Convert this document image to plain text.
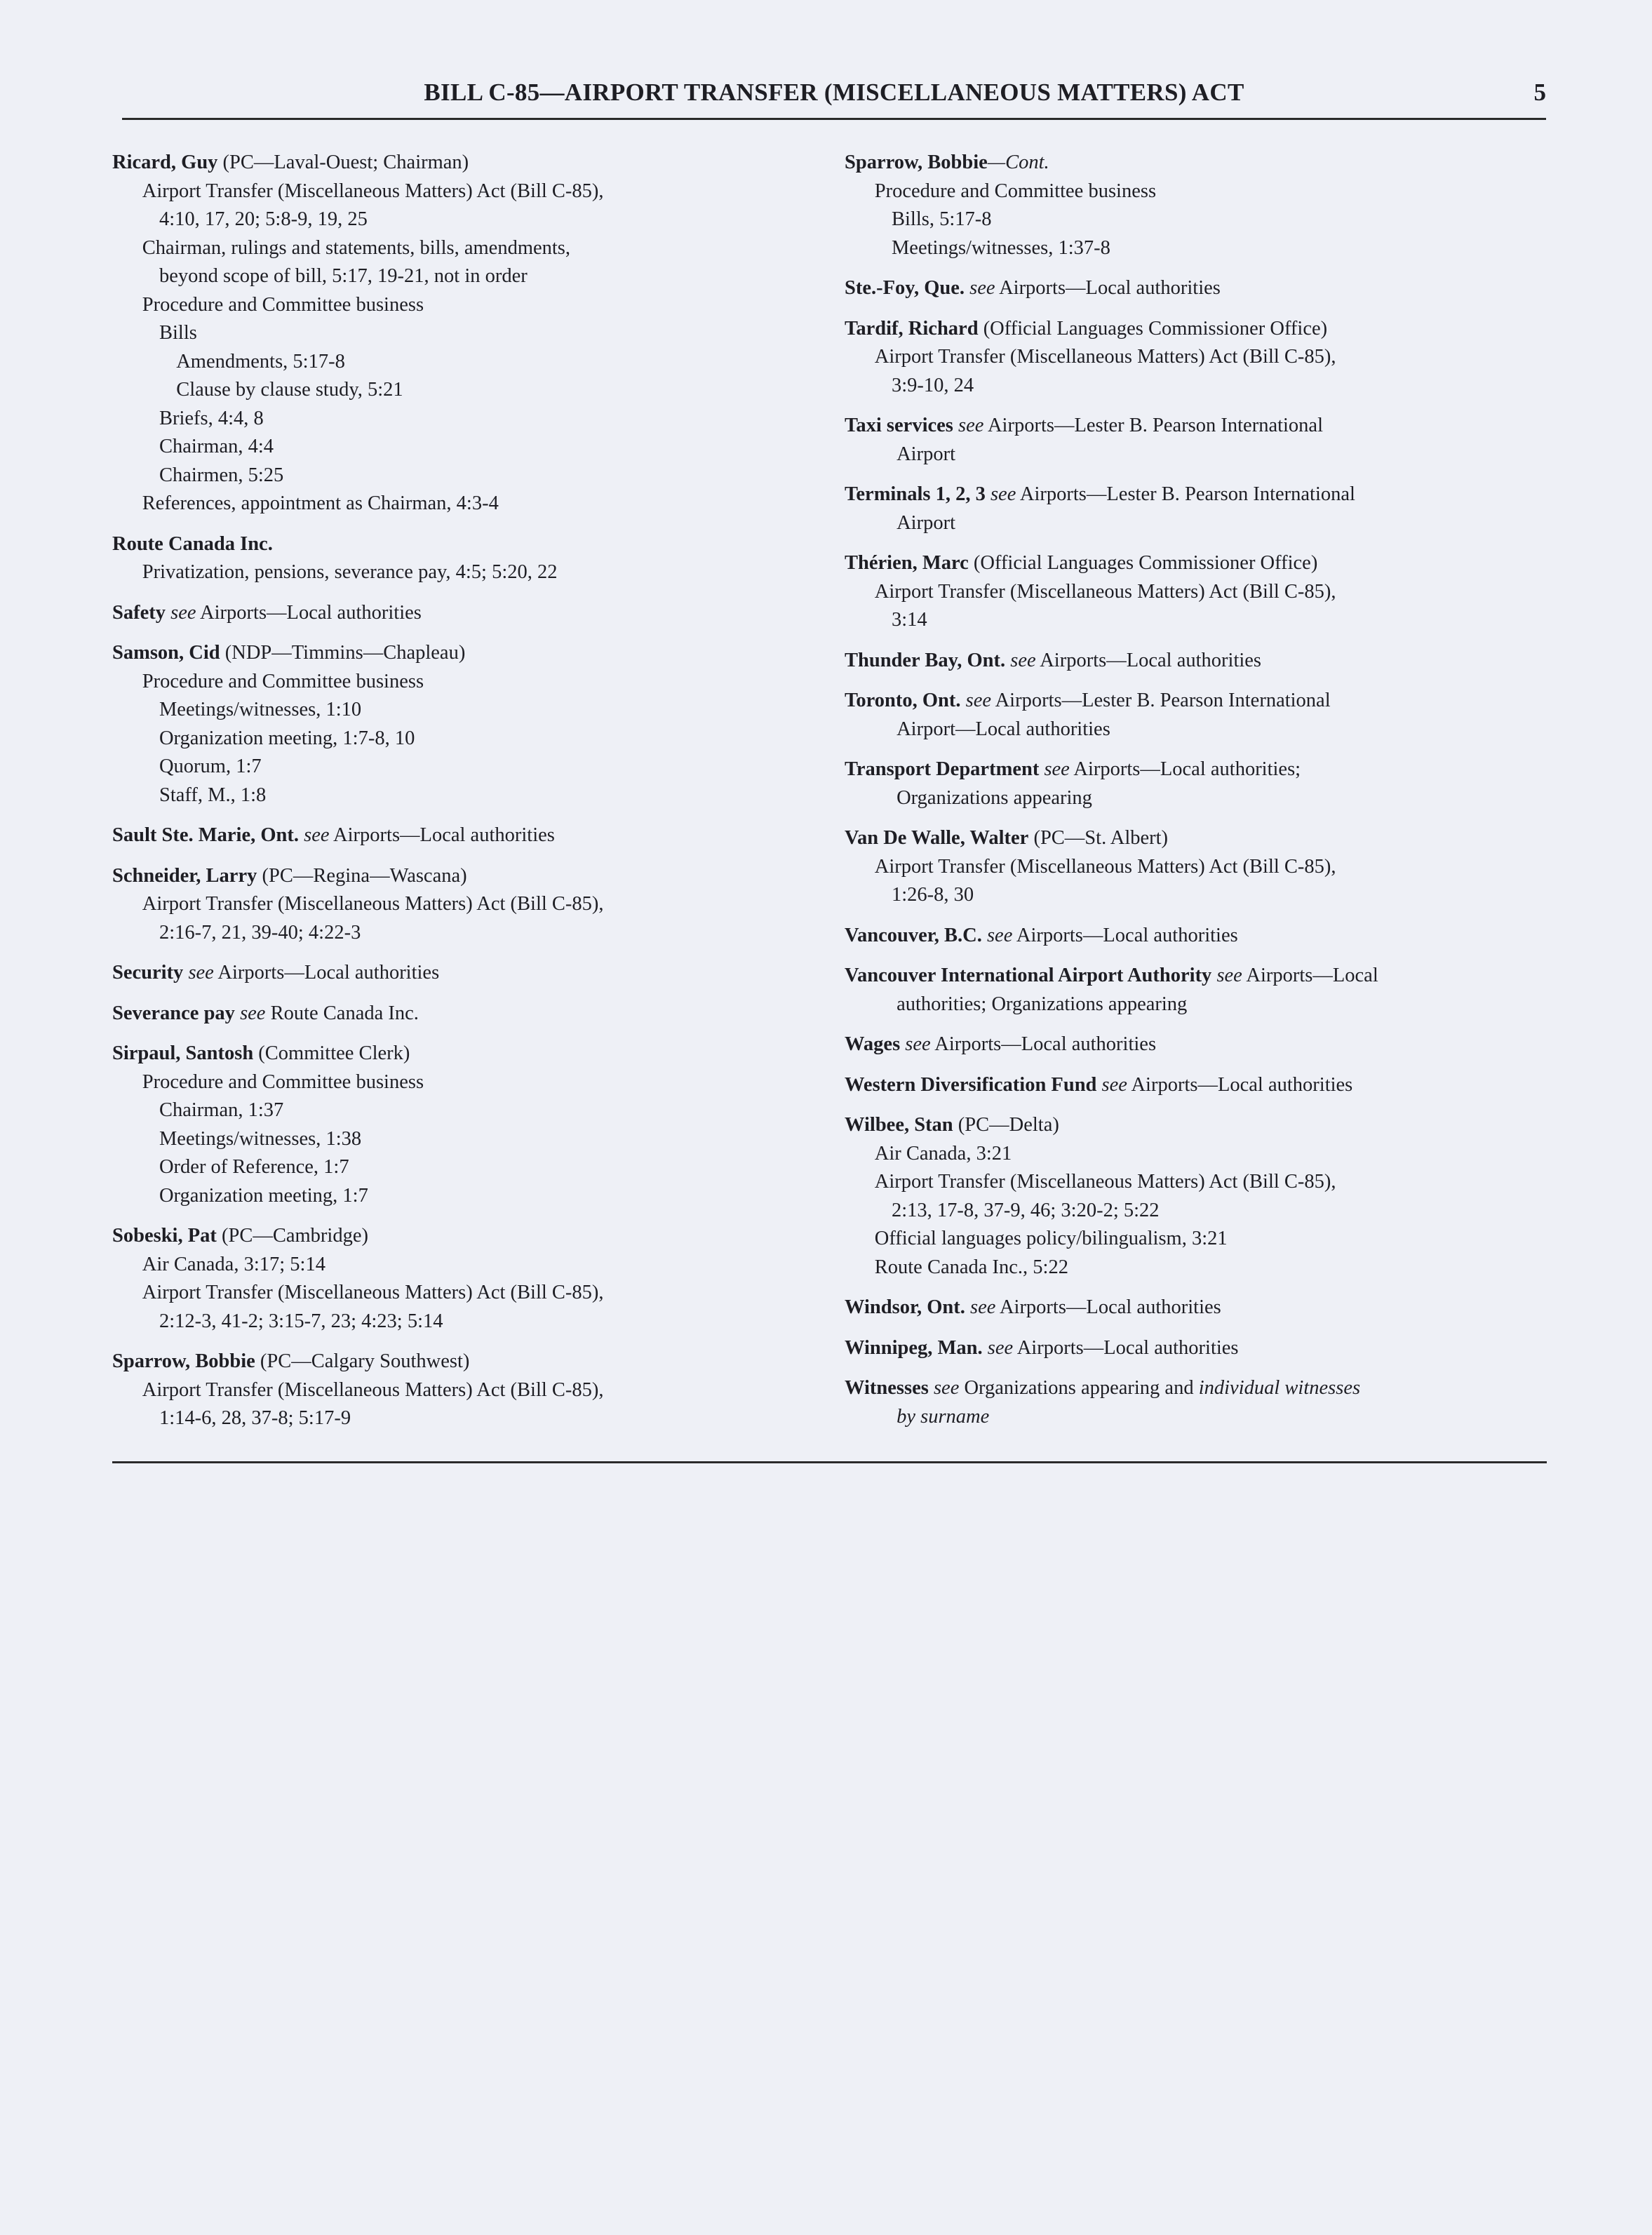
BILL C-85—AIRPORT TRANSFER (MISCELLANEOUS MATTERS) ACT	5
Ricard, Guy (PC—Laval-Ouest; Chairman)
Airport Transfer (Miscellaneous Matters) Act (Bill C-85),
4:10, 17, 20; 5:8-9, 19, 25
Chairman, rulings and statements, bills, amendments,
beyond scope of bill, 5:17, 19-21, not in order
Procedure and Committee business
Bills
Amendments, 5:17-8
Clause by clause study, 5:21
Briefs, 4:4, 8
Chairman, 4:4
Chairmen, 5:25
References, appointment as Chairman, 4:3-4
Route Canada Inc.
Privatization, pensions, severance pay, 4:5; 5:20, 22
Safety see Airports—Local authorities
Samson, Cid (NDP—Timmins—Chapleau)
Procedure and Committee business
Meetings/witnesses, 1:10
Organization meeting, 1:7-8, 10
Quorum, 1:7
Staff, M., 1:8
Sault Ste. Marie, Ont. see Airports—Local authorities
Schneider, Larry (PC—Regina—Wascana)
Airport Transfer (Miscellaneous Matters) Act (Bill C-85),
2:16-7, 21, 39-40; 4:22-3
Security see Airports—Local authorities
Severance pay see Route Canada Inc.
Sirpaul, Santosh (Committee Clerk)
Procedure and Committee business
Chairman, 1:37
Meetings/witnesses, 1:38
Order of Reference, 1:7
Organization meeting, 1:7
Sobeski, Pat (PC—Cambridge)
Air Canada, 3:17; 5:14
Airport Transfer (Miscellaneous Matters) Act (Bill C-85),
2:12-3, 41-2; 3:15-7, 23; 4:23; 5:14
Sparrow, Bobbie (PC—Calgary Southwest)
Airport Transfer (Miscellaneous Matters) Act (Bill C-85),
1:14-6, 28, 37-8; 5:17-9
Sparrow, Bobbie—Cont.
Procedure and Committee business
Bills, 5:17-8
Meetings/witnesses, 1:37-8
Ste.-Foy, Que. see Airports—Local authorities
Tardif, Richard (Official Languages Commissioner Office)
Airport Transfer (Miscellaneous Matters) Act (Bill C-85),
3:9-10, 24
Taxi services see Airports—Lester B. Pearson International
Airport
Terminals 1, 2, 3 see Airports—Lester B. Pearson International
Airport
Thérien, Marc (Official Languages Commissioner Office)
Airport Transfer (Miscellaneous Matters) Act (Bill C-85),
3:14
Thunder Bay, Ont. see Airports—Local authorities
Toronto, Ont. see Airports—Lester B. Pearson International
Airport—Local authorities
Transport Department see Airports—Local authorities;
Organizations appearing
Van De Walle, Walter (PC—St. Albert)
Airport Transfer (Miscellaneous Matters) Act (Bill C-85),
1:26-8, 30
Vancouver, B.C. see Airports—Local authorities
Vancouver International Airport Authority see Airports—Local
authorities; Organizations appearing
Wages see Airports—Local authorities
Western Diversification Fund see Airports—Local authorities
Wilbee, Stan (PC—Delta)
Air Canada, 3:21
Airport Transfer (Miscellaneous Matters) Act (Bill C-85),
2:13, 17-8, 37-9, 46; 3:20-2; 5:22
Official languages policy/bilingualism, 3:21
Route Canada Inc., 5:22
Windsor, Ont. see Airports—Local authorities
Winnipeg, Man. see Airports—Local authorities
Witnesses see Organizations appearing and individual witnesses
by surname
